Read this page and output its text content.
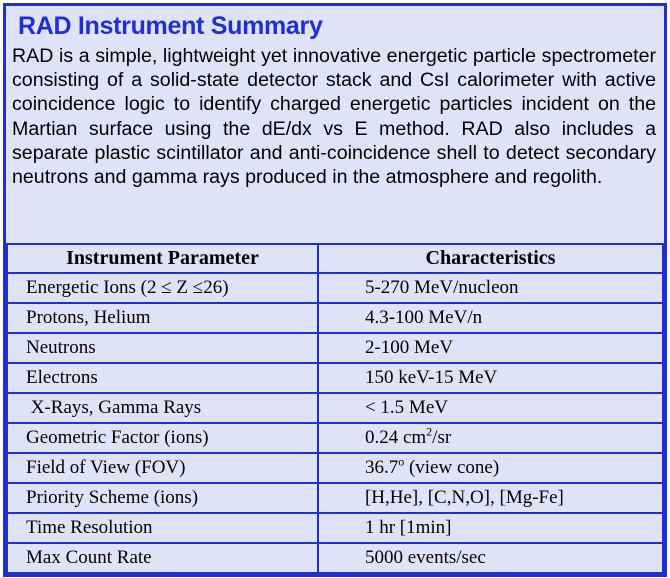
RAD Instrument Summary
RAD is a simple, lightweight yet innovative energetic particle spectrometer consisting of a solid-state detector stack and CsI calorimeter with active coincidence logic to identify charged energetic particles incident on the Martian surface using the dE/dx vs E method. RAD also includes a separate plastic scintillator and anti-coincidence shell to detect secondary neutrons and gamma rays produced in the atmosphere and regolith.
Instrument Parameter	Characteristics
Energetic Ions (2 ≤ Z ≤26)	5-270 MeV/nucleon
Protons, Helium	4.3-100 MeV/n
Neutrons	2-100 MeV
Electrons	150 keV-15 MeV
X-Rays, Gamma Rays	< 1.5 MeV
Geometric Factor (ions)	0.24 $cm^2/sr$
Field of View (FOV)	36.7$^o$ (view cone)
Priority Scheme (ions)	[H,He], [C,N,O], [Mg-Fe]
Time Resolution	1 hr [1min]
Max Count Rate	5000 events/sec
